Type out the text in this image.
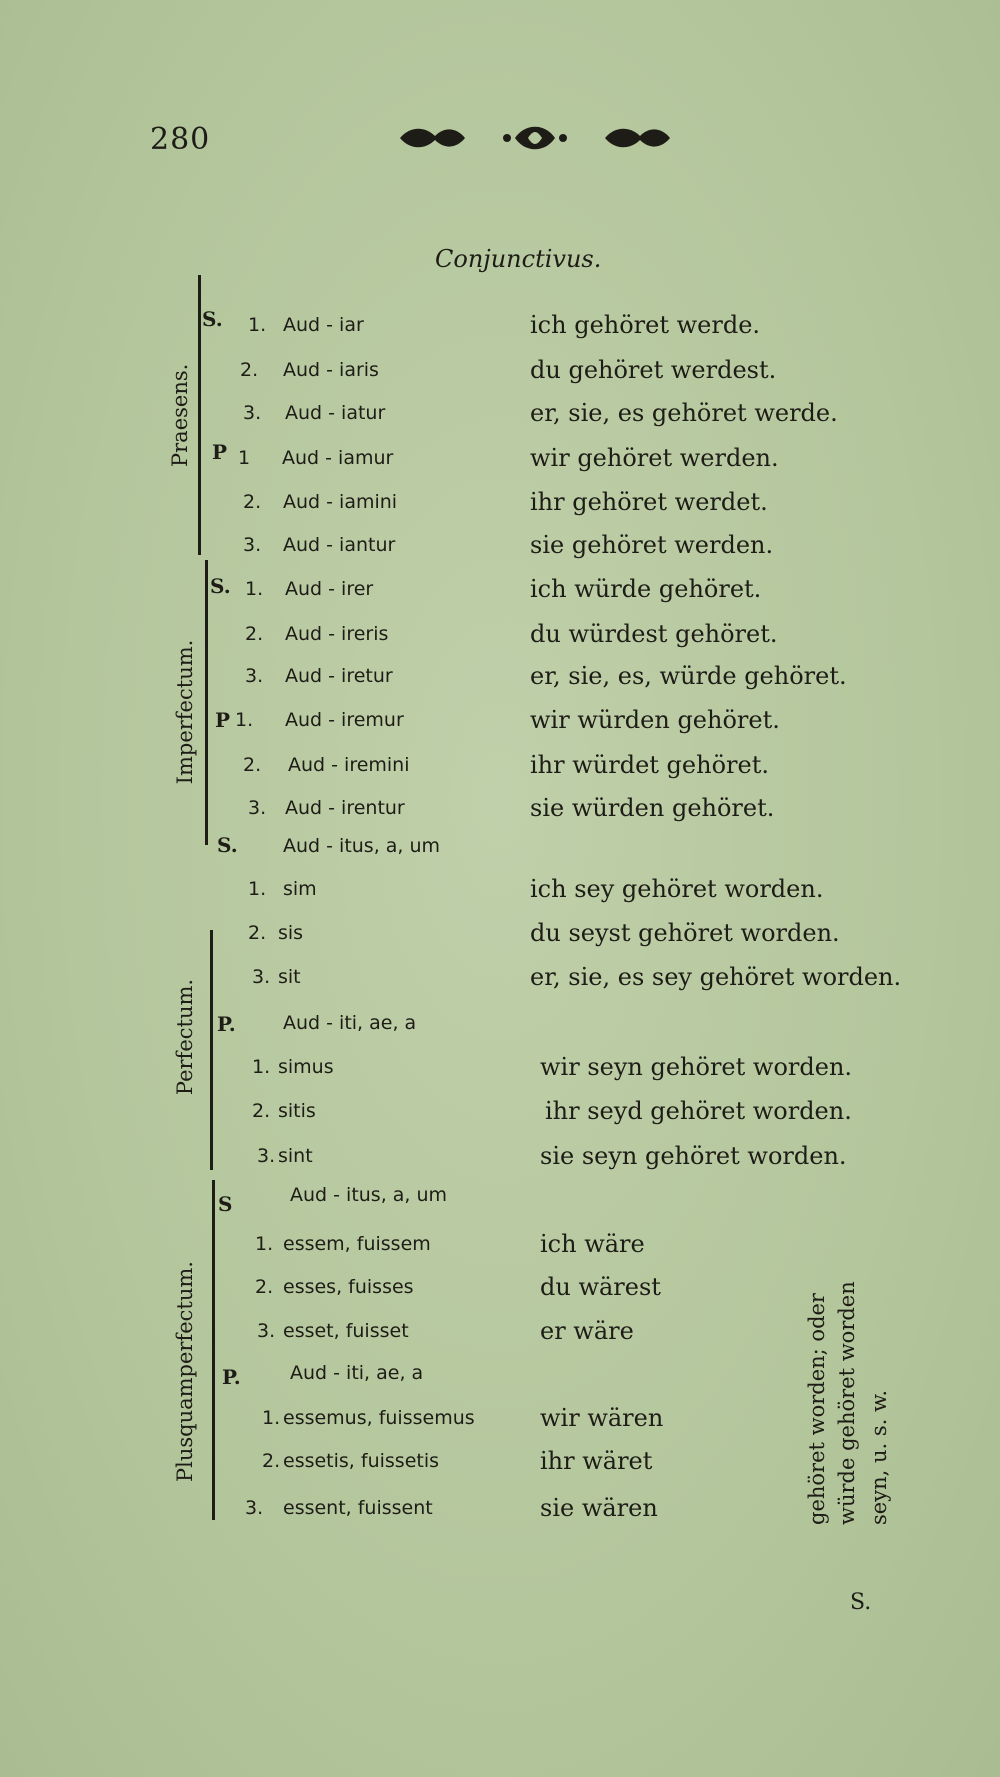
280
Conjunctivus.
Praesens.
Imperfectum.
Perfectum.
Plusquamperfectum.
S.
P
S.
P
S.
P.
S
P.
1. Aud - iar	ich gehöret werde.
2. Aud - iaris	du gehöret werdest.
3. Aud - iatur	er, sie, es gehöret werde.
1 Aud - iamur	wir gehöret werden.
2. Aud - iamini	ihr gehöret werdet.
3. Aud - iantur	sie gehöret werden.
1. Aud - irer	ich würde gehöret.
2. Aud - ireris	du würdest gehöret.
3. Aud - iretur	er, sie, es, würde gehöret.
1. Aud - iremur	wir würden gehöret.
2. Aud - iremini	ihr würdet gehöret.
3. Aud - irentur	sie würden gehöret.
Aud - itus, a, um
1. sim	ich sey gehöret worden.
2. sis	du seyst gehöret worden.
3. sit	er, sie, es sey gehöret worden.
Aud - iti, ae, a
1. simus	wir seyn gehöret worden.
2. sitis	ihr seyd gehöret worden.
3. sint	sie seyn gehöret worden.
Aud - itus, a, um
1. essem, fuissem	ich wäre
2. esses, fuisses	du wärest
3. esset, fuisset	er wäre
Aud - iti, ae, a
1. essemus, fuissemus	wir wären
2. essetis, fuissetis	ihr wäret
3. essent, fuissent	sie wären	gehöret worden; oder würde gehöret worden seyn, u. s. w.
S.
